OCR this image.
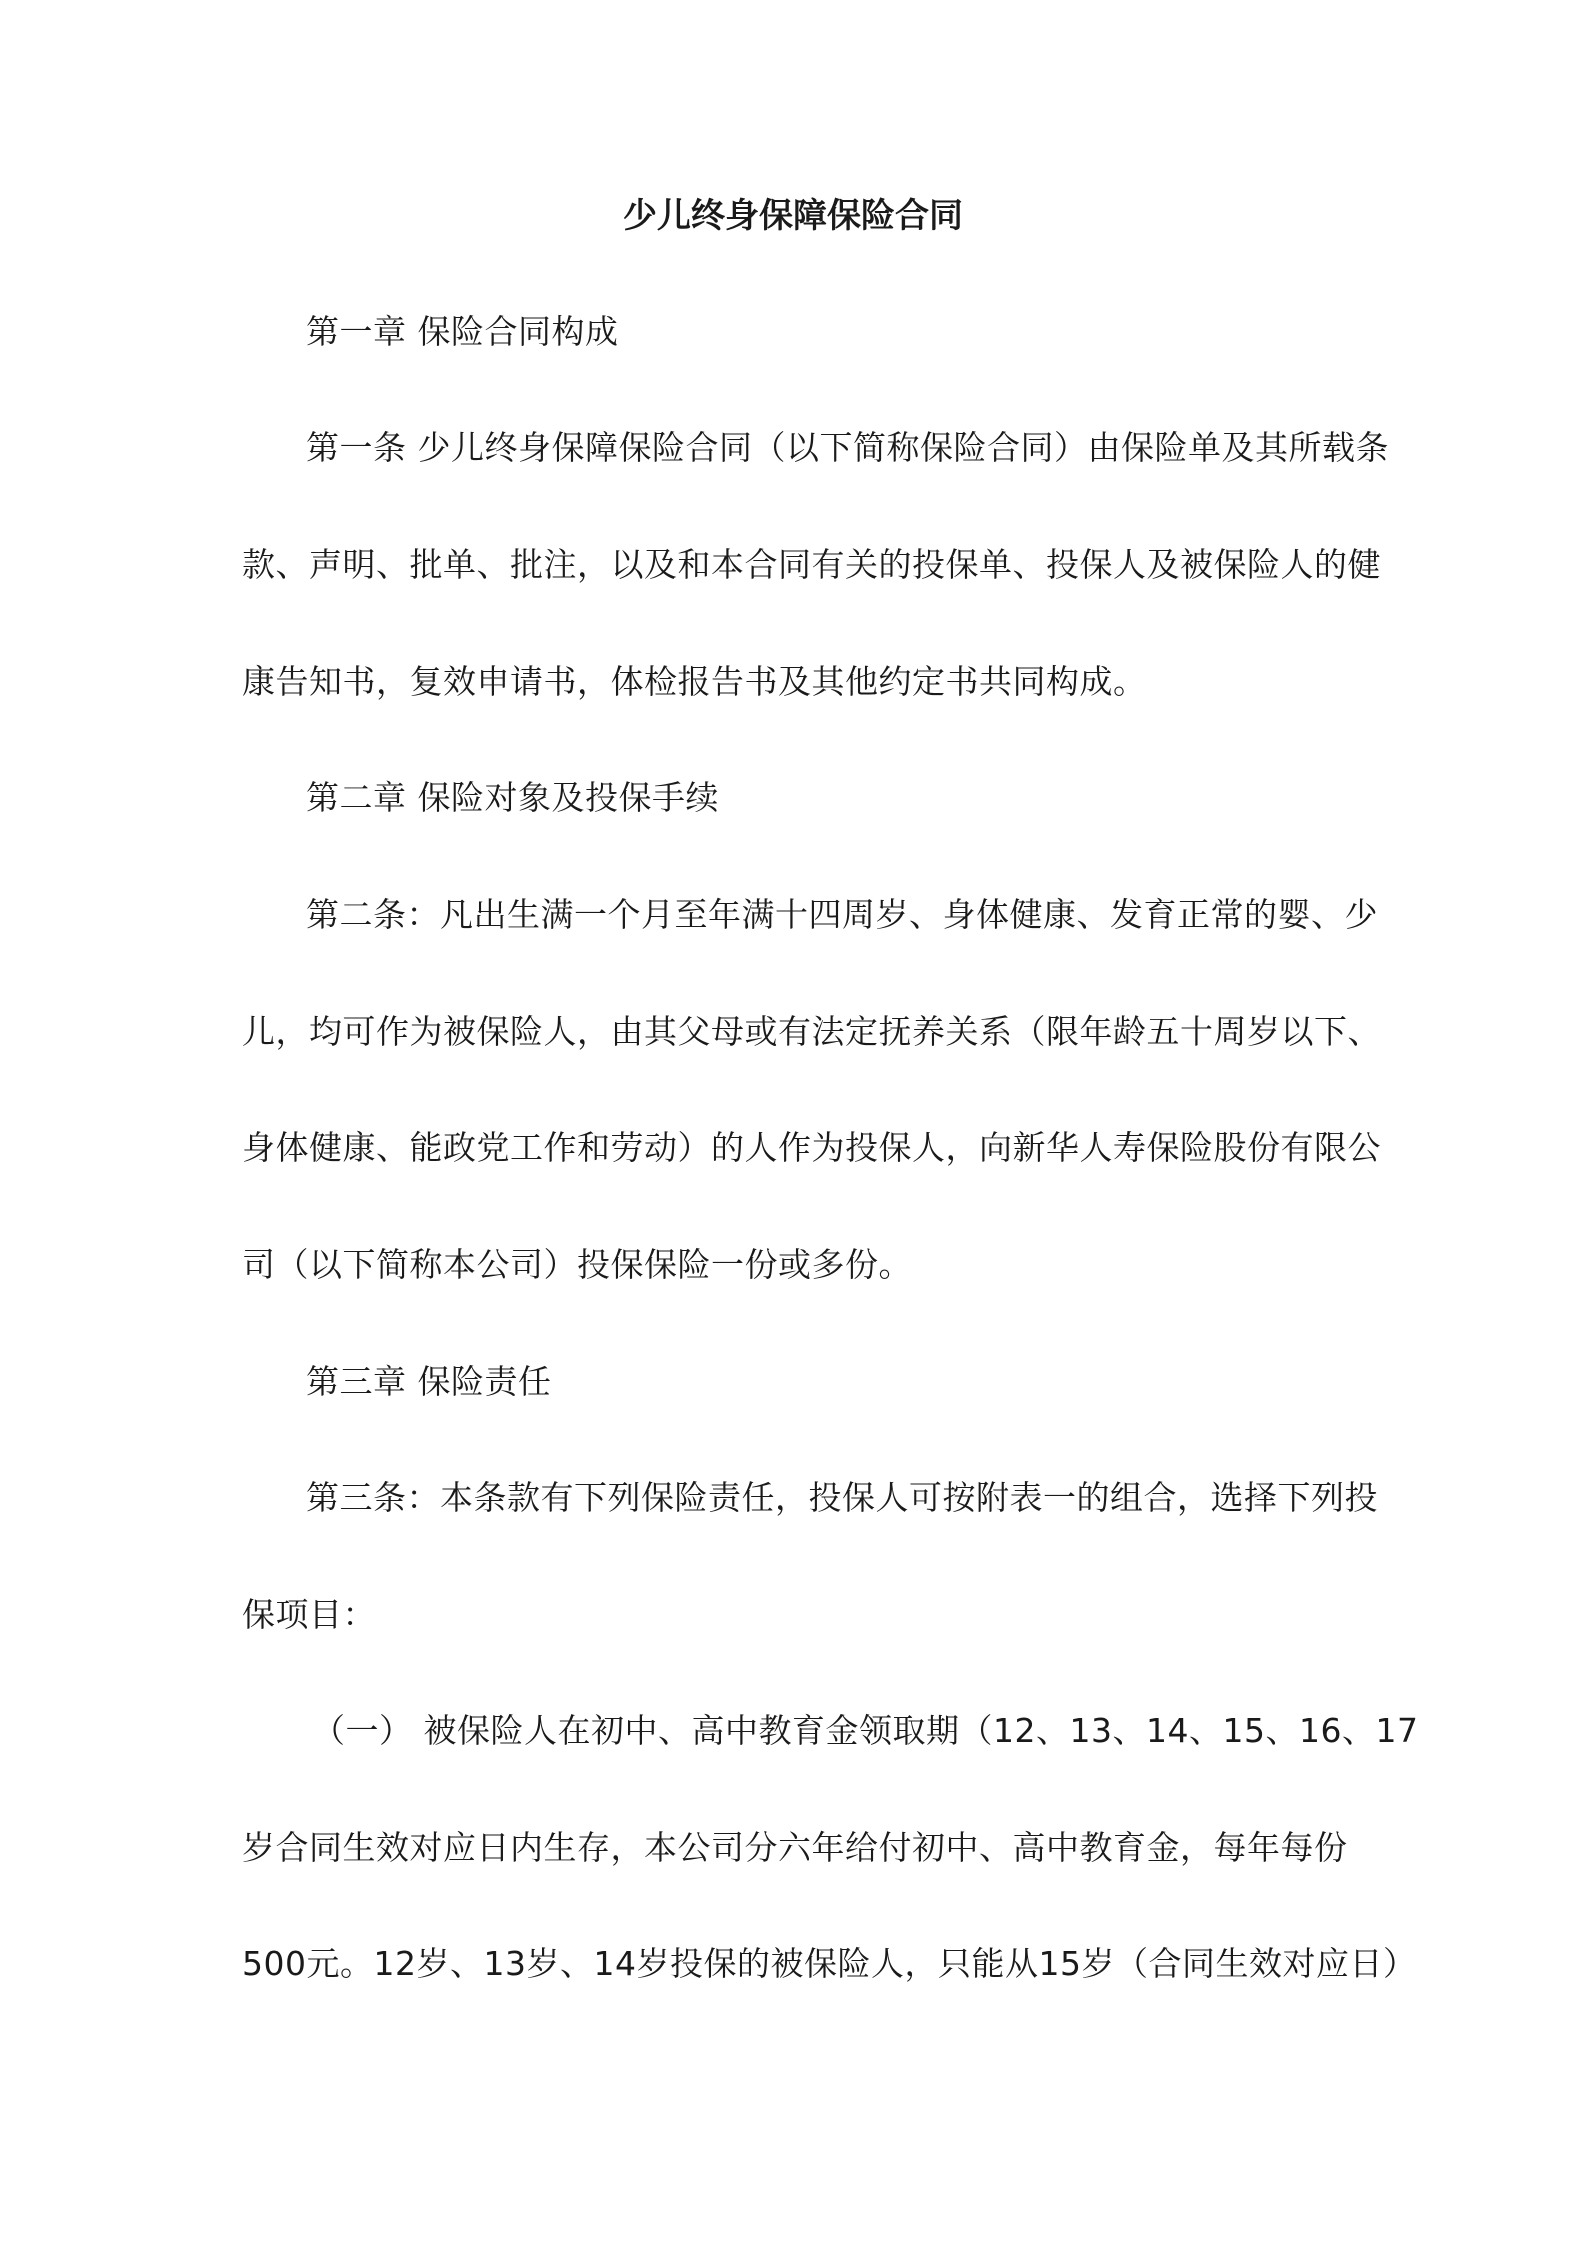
少儿终身保障保险合同

第一章 保险合同构成

第一条 少儿终身保障保险合同（以下简称保险合同）由保险单及其所载条

款、声明、批单、批注，以及和本合同有关的投保单、投保人及被保险人的健

康告知书，复效申请书，体检报告书及其他约定书共同构成。

第二章 保险对象及投保手续

第二条：凡出生满一个月至年满十四周岁、身体健康、发育正常的婴、少

儿，均可作为被保险人，由其父母或有法定抚养关系（限年龄五十周岁以下、

身体健康、能政党工作和劳动）的人作为投保人，向新华人寿保险股份有限公

司（以下简称本公司）投保保险一份或多份。

第三章 保险责任

第三条：本条款有下列保险责任，投保人可按附表一的组合，选择下列投

保项目：

（一） 被保险人在初中、高中教育金领取期（12、13、14、15、16、17

岁合同生效对应日内生存，本公司分六年给付初中、高中教育金，每年每份

500元。12岁、13岁、14岁投保的被保险人，只能从15岁（合同生效对应日）
